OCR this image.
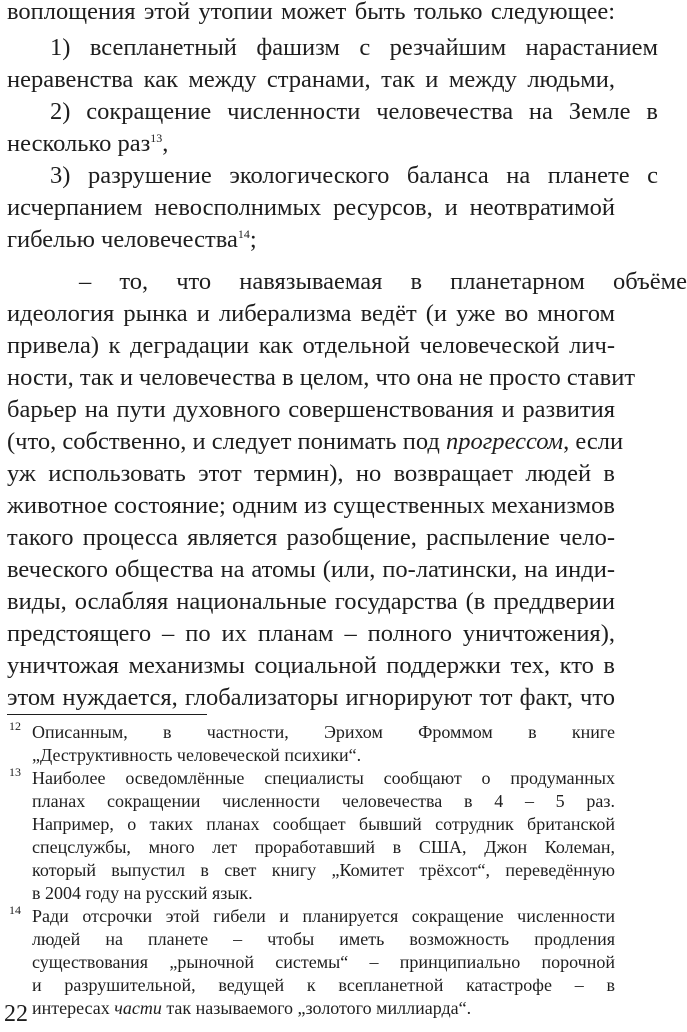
воплощения этой утопии может быть только следующее:
1) всепланетный фашизм с резчайшим нарастанием
неравенства как между странами, так и между людьми,
2) сокращение численности человечества на Земле в
несколько раз$^{13}$,
3) разрушение экологического баланса на планете с
исчерпанием невосполнимых ресурсов, и неотвратимой
гибелью человечества$^{14}$;
– то, что навязываемая в планетарном объёме
идеология рынка и либерализма ведёт (и уже во многом
привела) к деградации как отдельной человеческой лич-
ности, так и человечества в целом, что она не просто ставит
барьер на пути духовного совершенствования и развития
(что, собственно, и следует понимать под прогрессом, если
уж использовать этот термин), но возвращает людей в
животное состояние; одним из существенных механизмов
такого процесса является разобщение, распыление чело-
веческого общества на атомы (или, по-латински, на инди-
виды, ослабляя национальные государства (в преддверии
предстоящего – по их планам – полного уничтожения),
уничтожая механизмы социальной поддержки тех, кто в
этом нуждается, глобализаторы игнорируют тот факт, что
12 Описанным, в частности, Эрихом Фроммом в книге
„Деструктивность человеческой психики“.
13 Наиболее осведомлённые специалисты сообщают о продуманных
планах сокращении численности человечества в 4 – 5 раз.
Например, о таких планах сообщает бывший сотрудник британской
спецслужбы, много лет проработавший в США, Джон Колеман,
который выпустил в свет книгу „Комитет трёхсот“, переведённую
в 2004 году на русский язык.
14 Ради отсрочки этой гибели и планируется сокращение численности
людей на планете – чтобы иметь возможность продления
существования „рыночной системы“ – принципиально порочной
и разрушительной, ведущей к всепланетной катастрофе – в
интересах части так называемого „золотого миллиарда“.
22
